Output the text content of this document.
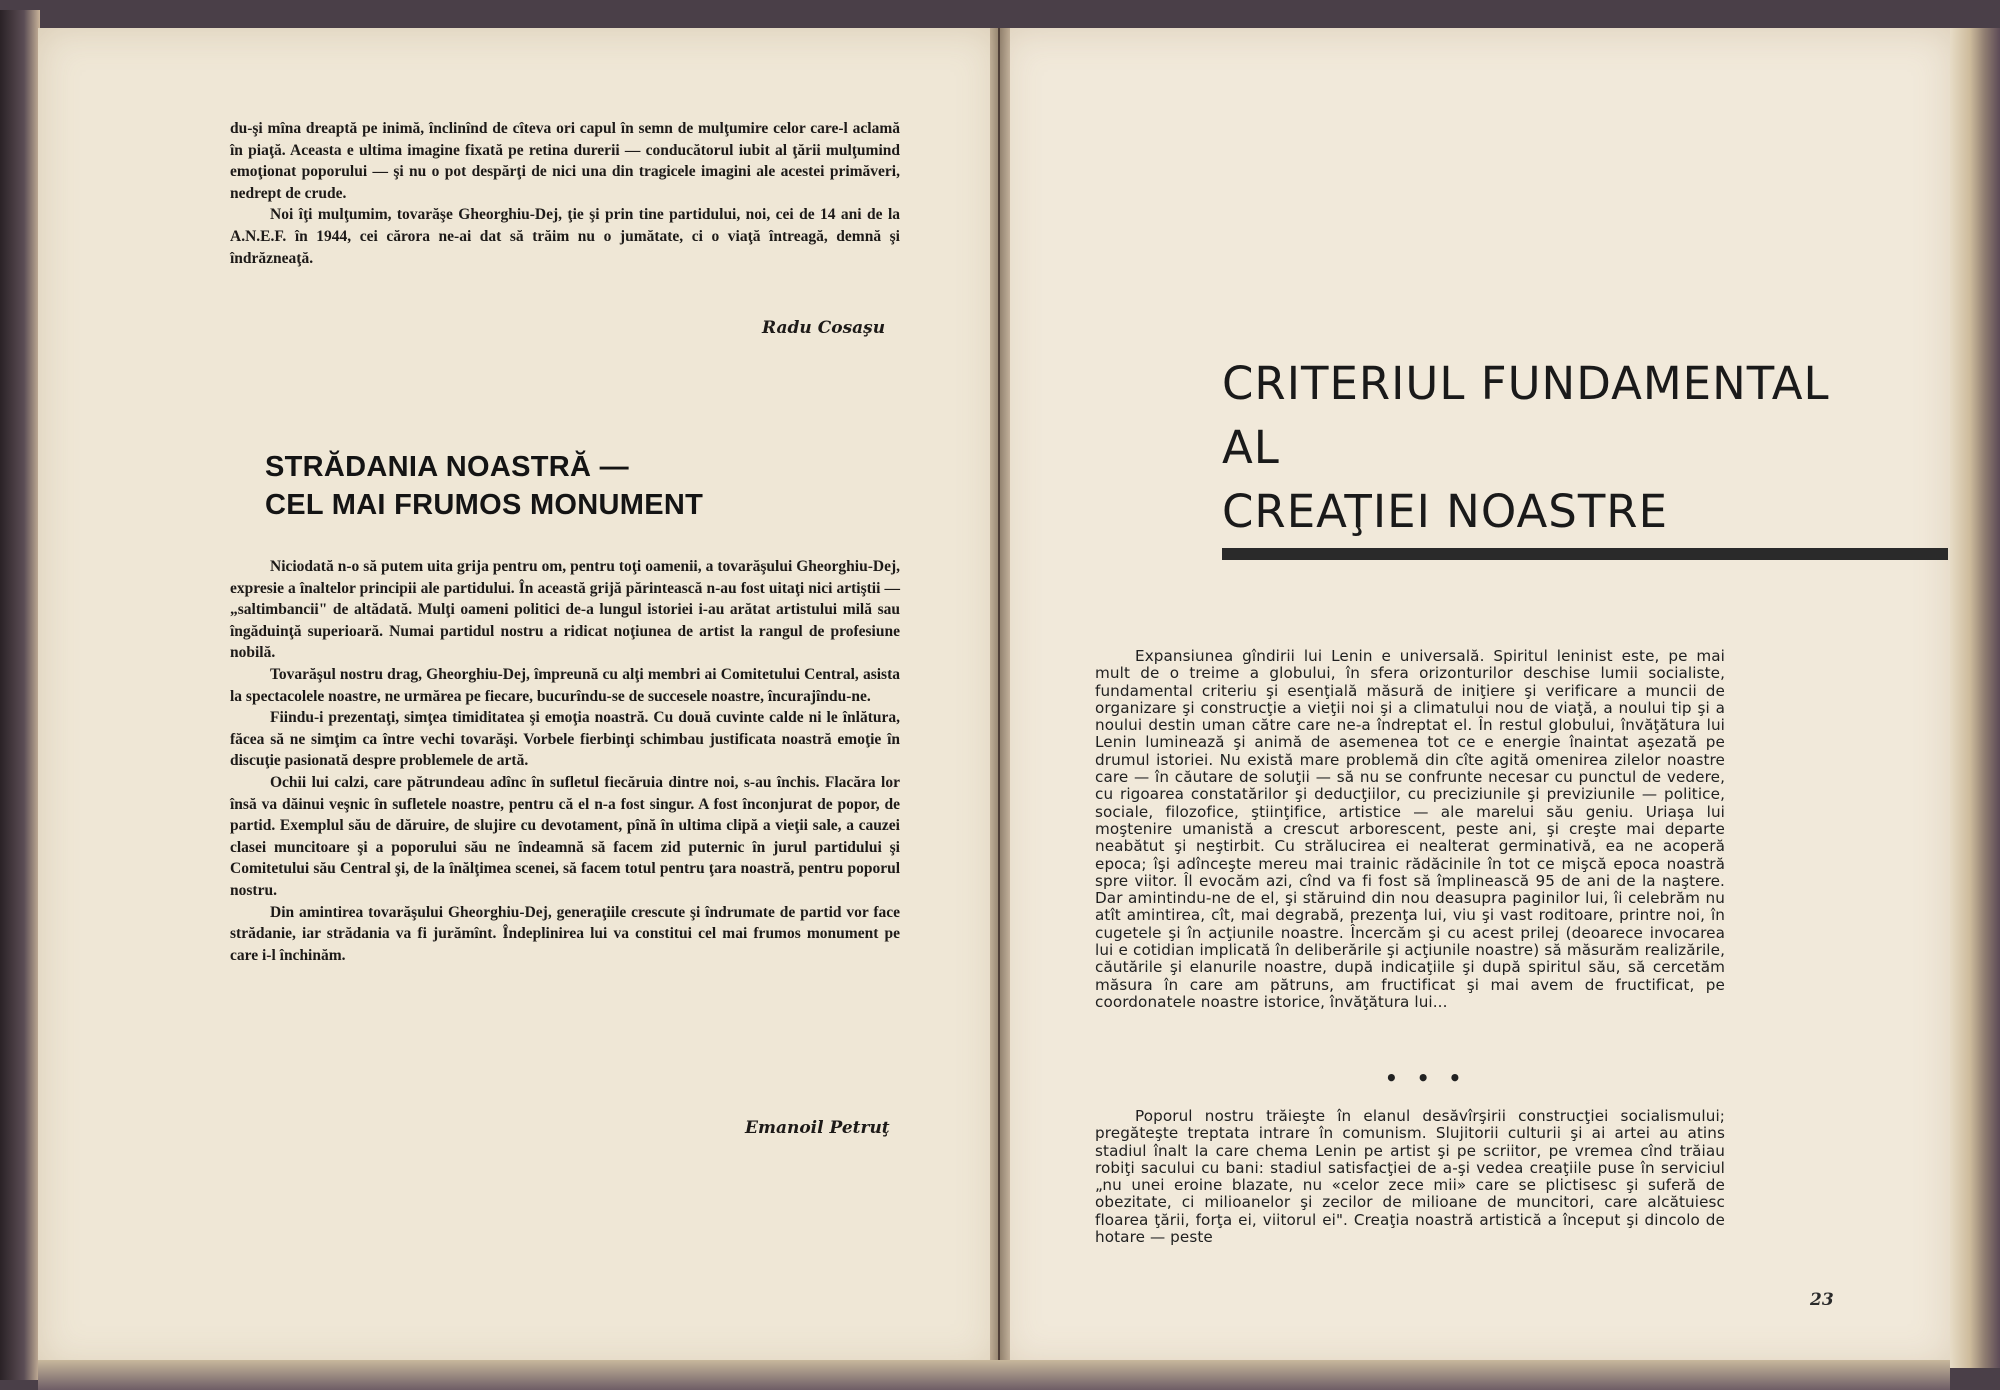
du-şi mîna dreaptă pe inimă, înclinînd de cîteva ori capul în semn de mulţumire celor care-l aclamă în piaţă. Aceasta e ultima imagine fixată pe retina durerii — conducătorul iubit al ţării mulţumind emoţionat poporului — şi nu o pot despărţi de nici una din tragicele imagini ale acestei primăveri, nedrept de crude.

Noi îţi mulţumim, tovarăşe Gheorghiu-Dej, ţie şi prin tine partidului, noi, cei de 14 ani de la A.N.E.F. în 1944, cei cărora ne-ai dat să trăim nu o jumătate, ci o viaţă întreagă, demnă şi îndrăzneaţă.

Radu Cosaşu
STRĂDANIA NOASTRĂ —
CEL MAI FRUMOS MONUMENT

Niciodată n-o să putem uita grija pentru om, pentru toţi oamenii, a tovarăşului Gheorghiu-Dej, expresie a înaltelor principii ale partidului. În această grijă părintească n-au fost uitaţi nici artiştii — „saltimbancii" de altădată. Mulţi oameni politici de-a lungul istoriei i-au arătat artistului milă sau îngăduinţă superioară. Numai partidul nostru a ridicat noţiunea de artist la rangul de profesiune nobilă.

Tovarăşul nostru drag, Gheorghiu-Dej, împreună cu alţi membri ai Comitetului Central, asista la spectacolele noastre, ne urmărea pe fiecare, bucurîndu-se de succesele noastre, încurajîndu-ne.

Fiindu-i prezentaţi, simţea timiditatea şi emoţia noastră. Cu două cuvinte calde ni le înlătura, făcea să ne simţim ca între vechi tovarăşi. Vorbele fierbinţi schimbau justificata noastră emoţie în discuţie pasionată despre problemele de artă.

Ochii lui calzi, care pătrundeau adînc în sufletul fiecăruia dintre noi, s-au închis. Flacăra lor însă va dăinui veşnic în sufletele noastre, pentru că el n-a fost singur. A fost înconjurat de popor, de partid. Exemplul său de dăruire, de slujire cu devotament, pînă în ultima clipă a vieţii sale, a cauzei clasei muncitoare şi a poporului său ne îndeamnă să facem zid puternic în jurul partidului şi Comitetului său Central şi, de la înălţimea scenei, să facem totul pentru ţara noastră, pentru poporul nostru.

Din amintirea tovarăşului Gheorghiu-Dej, generaţiile crescute şi îndrumate de partid vor face strădanie, iar strădania va fi jurămînt. Îndeplinirea lui va constitui cel mai frumos monument pe care i-l închinăm.

Emanoil Petruţ
CRITERIUL FUNDAMENTAL
AL
CREAŢIEI NOASTRE

Expansiunea gîndirii lui Lenin e universală. Spiritul leninist este, pe mai mult de o treime a globului, în sfera orizonturilor deschise lumii socialiste, fundamental criteriu şi esenţială măsură de iniţiere şi verificare a muncii de organizare şi construcţie a vieţii noi şi a climatului nou de viaţă, a noului tip şi a noului destin uman către care ne-a îndreptat el. În restul globului, învăţătura lui Lenin luminează şi animă de asemenea tot ce e energie înaintat aşezată pe drumul istoriei. Nu există mare problemă din cîte agită omenirea zilelor noastre care — în căutare de soluţii — să nu se confrunte necesar cu punctul de vedere, cu rigoarea constatărilor şi deducţiilor, cu preciziunile şi previziunile — politice, sociale, filozofice, ştiinţifice, artistice — ale marelui său geniu. Uriaşa lui moştenire umanistă a crescut arborescent, peste ani, şi creşte mai departe neabătut şi neştirbit. Cu strălucirea ei nealterat germinativă, ea ne acoperă epoca; îşi adînceşte mereu mai trainic rădăcinile în tot ce mişcă epoca noastră spre viitor. Îl evocăm azi, cînd va fi fost să împlinească 95 de ani de la naştere. Dar amintindu-ne de el, şi stăruind din nou deasupra paginilor lui, îi celebrăm nu atît amintirea, cît, mai degrabă, prezenţa lui, viu şi vast roditoare, printre noi, în cugetele şi în acţiunile noastre. Încercăm şi cu acest prilej (deoarece invocarea lui e cotidian implicată în deliberările şi acţiunile noastre) să măsurăm realizările, căutările şi elanurile noastre, după indicaţiile şi după spiritul său, să cercetăm măsura în care am pătruns, am fructificat şi mai avem de fructificat, pe coordonatele noastre istorice, învăţătura lui...

• • •

Poporul nostru trăieşte în elanul desăvîrşirii construcţiei socialismului; pregăteşte treptata intrare în comunism. Slujitorii culturii şi ai artei au atins stadiul înalt la care chema Lenin pe artist şi pe scriitor, pe vremea cînd trăiau robiţi sacului cu bani: stadiul satisfacţiei de a-şi vedea creaţiile puse în serviciul „nu unei eroine blazate, nu «celor zece mii» care se plictisesc şi suferă de obezitate, ci milioanelor şi zecilor de milioane de muncitori, care alcătuiesc floarea ţării, forţa ei, viitorul ei". Creaţia noastră artistică a început şi dincolo de hotare — peste

23
